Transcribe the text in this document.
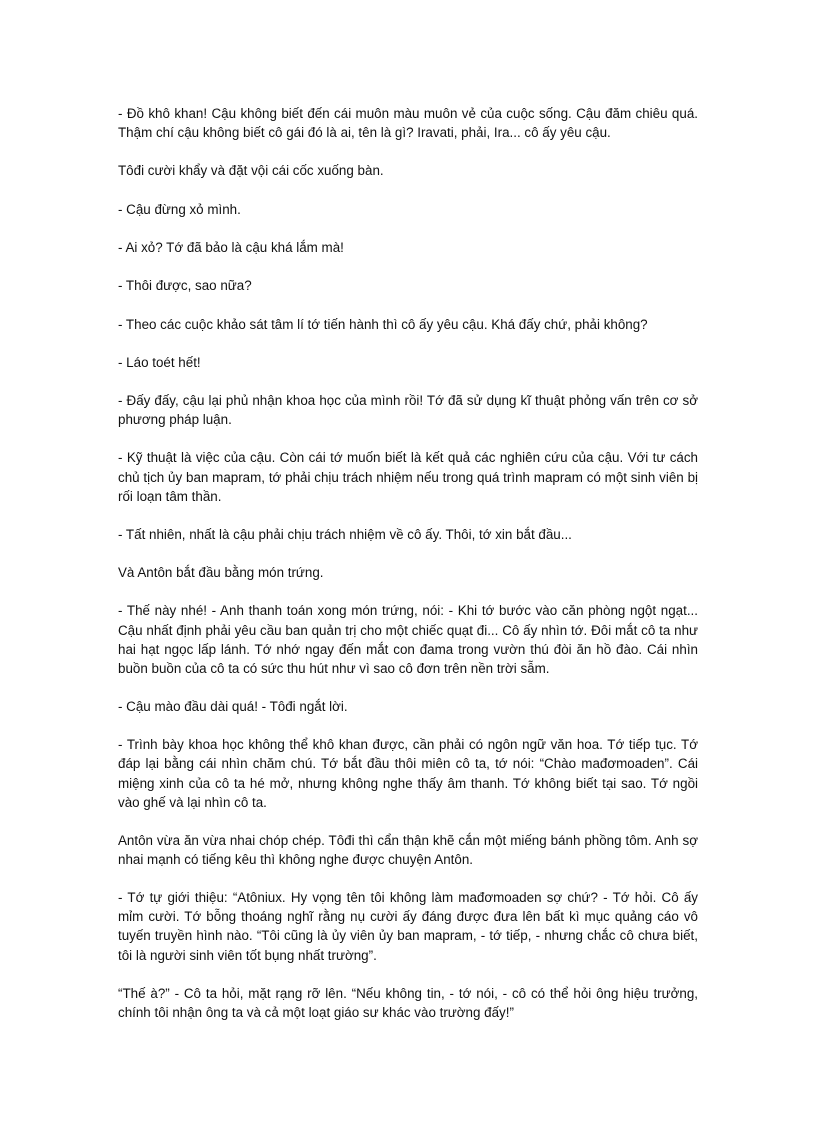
- Đồ khô khan! Cậu không biết đến cái muôn màu muôn vẻ của cuộc sống. Cậu đăm chiêu quá. Thậm chí cậu không biết cô gái đó là ai, tên là gì? Iravati, phải, Ira... cô ấy yêu cậu.

Tôđi cười khẩy và đặt vội cái cốc xuống bàn.

- Cậu đừng xỏ mình.

- Ai xỏ? Tớ đã bảo là cậu khá lắm mà!

- Thôi được, sao nữa?

- Theo các cuộc khảo sát tâm lí tớ tiến hành thì cô ấy yêu cậu. Khá đấy chứ, phải không?

- Láo toét hết!

- Đấy đấy, cậu lại phủ nhận khoa học của mình rồi! Tớ đã sử dụng kĩ thuật phỏng vấn trên cơ sở phương pháp luận.

- Kỹ thuật là việc của cậu. Còn cái tớ muốn biết là kết quả các nghiên cứu của cậu. Với tư cách chủ tịch ủy ban mapram, tớ phải chịu trách nhiệm nếu trong quá trình mapram có một sinh viên bị rối loạn tâm thần.

- Tất nhiên, nhất là cậu phải chịu trách nhiệm về cô ấy. Thôi, tớ xin bắt đầu...

Và Antôn bắt đầu bằng món trứng.

- Thế này nhé! - Anh thanh toán xong món trứng, nói: - Khi tớ bước vào căn phòng ngột ngạt... Cậu nhất định phải yêu cầu ban quản trị cho một chiếc quạt đi... Cô ấy nhìn tớ. Đôi mắt cô ta như hai hạt ngọc lấp lánh. Tớ nhớ ngay đến mắt con đama trong vườn thú đòi ăn hồ đào. Cái nhìn buồn buồn của cô ta có sức thu hút như vì sao cô đơn trên nền trời sẫm.

- Cậu mào đầu dài quá! - Tôđi ngắt lời.

- Trình bày khoa học không thể khô khan được, cần phải có ngôn ngữ văn hoa. Tớ tiếp tục. Tớ đáp lại bằng cái nhìn chăm chú. Tớ bắt đầu thôi miên cô ta, tớ nói: “Chào mađơmoaden”. Cái miệng xinh của cô ta hé mở, nhưng không nghe thấy âm thanh. Tớ không biết tại sao. Tớ ngồi vào ghế và lại nhìn cô ta.

Antôn vừa ăn vừa nhai chóp chép. Tôđi thì cẩn thận khẽ cắn một miếng bánh phồng tôm. Anh sợ nhai mạnh có tiếng kêu thì không nghe được chuyện Antôn.

- Tớ tự giới thiệu: “Atôniux. Hy vọng tên tôi không làm mađơmoaden sợ chứ? - Tớ hỏi. Cô ấy mỉm cười. Tớ bỗng thoáng nghĩ rằng nụ cười ấy đáng được đưa lên bất kì mục quảng cáo vô tuyến truyền hình nào. “Tôi cũng là ủy viên ủy ban mapram, - tớ tiếp, - nhưng chắc cô chưa biết, tôi là người sinh viên tốt bụng nhất trường”.

“Thế à?” - Cô ta hỏi, mặt rạng rỡ lên. “Nếu không tin, - tớ nói, - cô có thể hỏi ông hiệu trưởng, chính tôi nhận ông ta và cả một loạt giáo sư khác vào trường đấy!”
